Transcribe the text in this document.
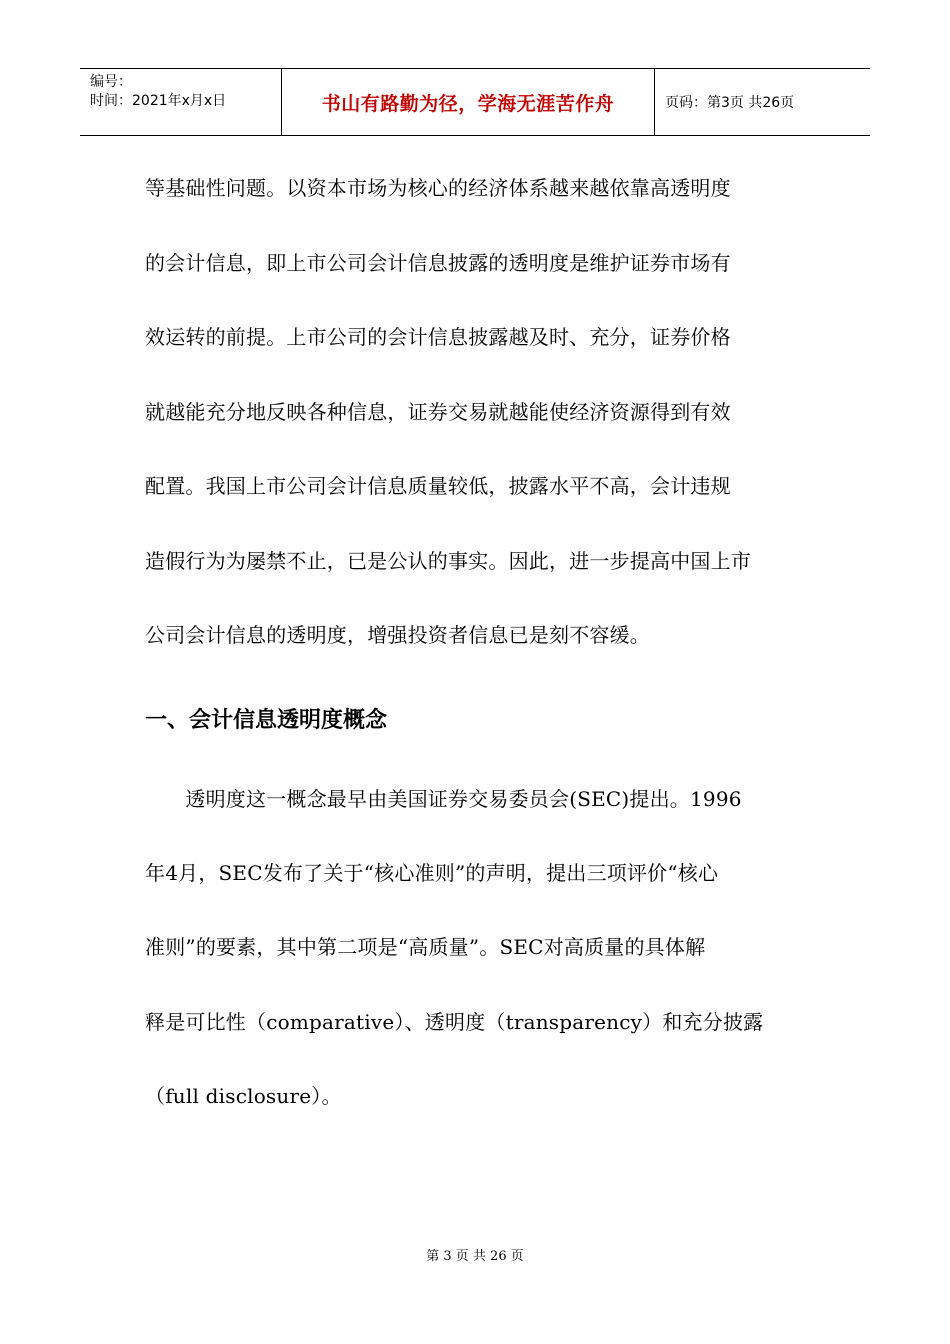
编号：
时间：2021年x月x日	书山有路勤为径，学海无涯苦作舟	页码：第3页 共26页
等基础性问题。以资本市场为核心的经济体系越来越依靠高透明度
的会计信息，即上市公司会计信息披露的透明度是维护证券市场有
效运转的前提。上市公司的会计信息披露越及时、充分，证券价格
就越能充分地反映各种信息，证券交易就越能使经济资源得到有效
配置。我国上市公司会计信息质量较低，披露水平不高，会计违规
造假行为为屡禁不止，已是公认的事实。因此，进一步提高中国上市
公司会计信息的透明度，增强投资者信息已是刻不容缓。
一、会计信息透明度概念
　　透明度这一概念最早由美国证券交易委员会(SEC)提出。1996
年4月，SEC发布了关于“核心准则”的声明，提出三项评价“核心
准则”的要素，其中第二项是“高质量”。SEC对高质量的具体解
释是可比性（comparative）、透明度（transparency）和充分披露
（full disclosure）。
第 3 页 共 26 页
